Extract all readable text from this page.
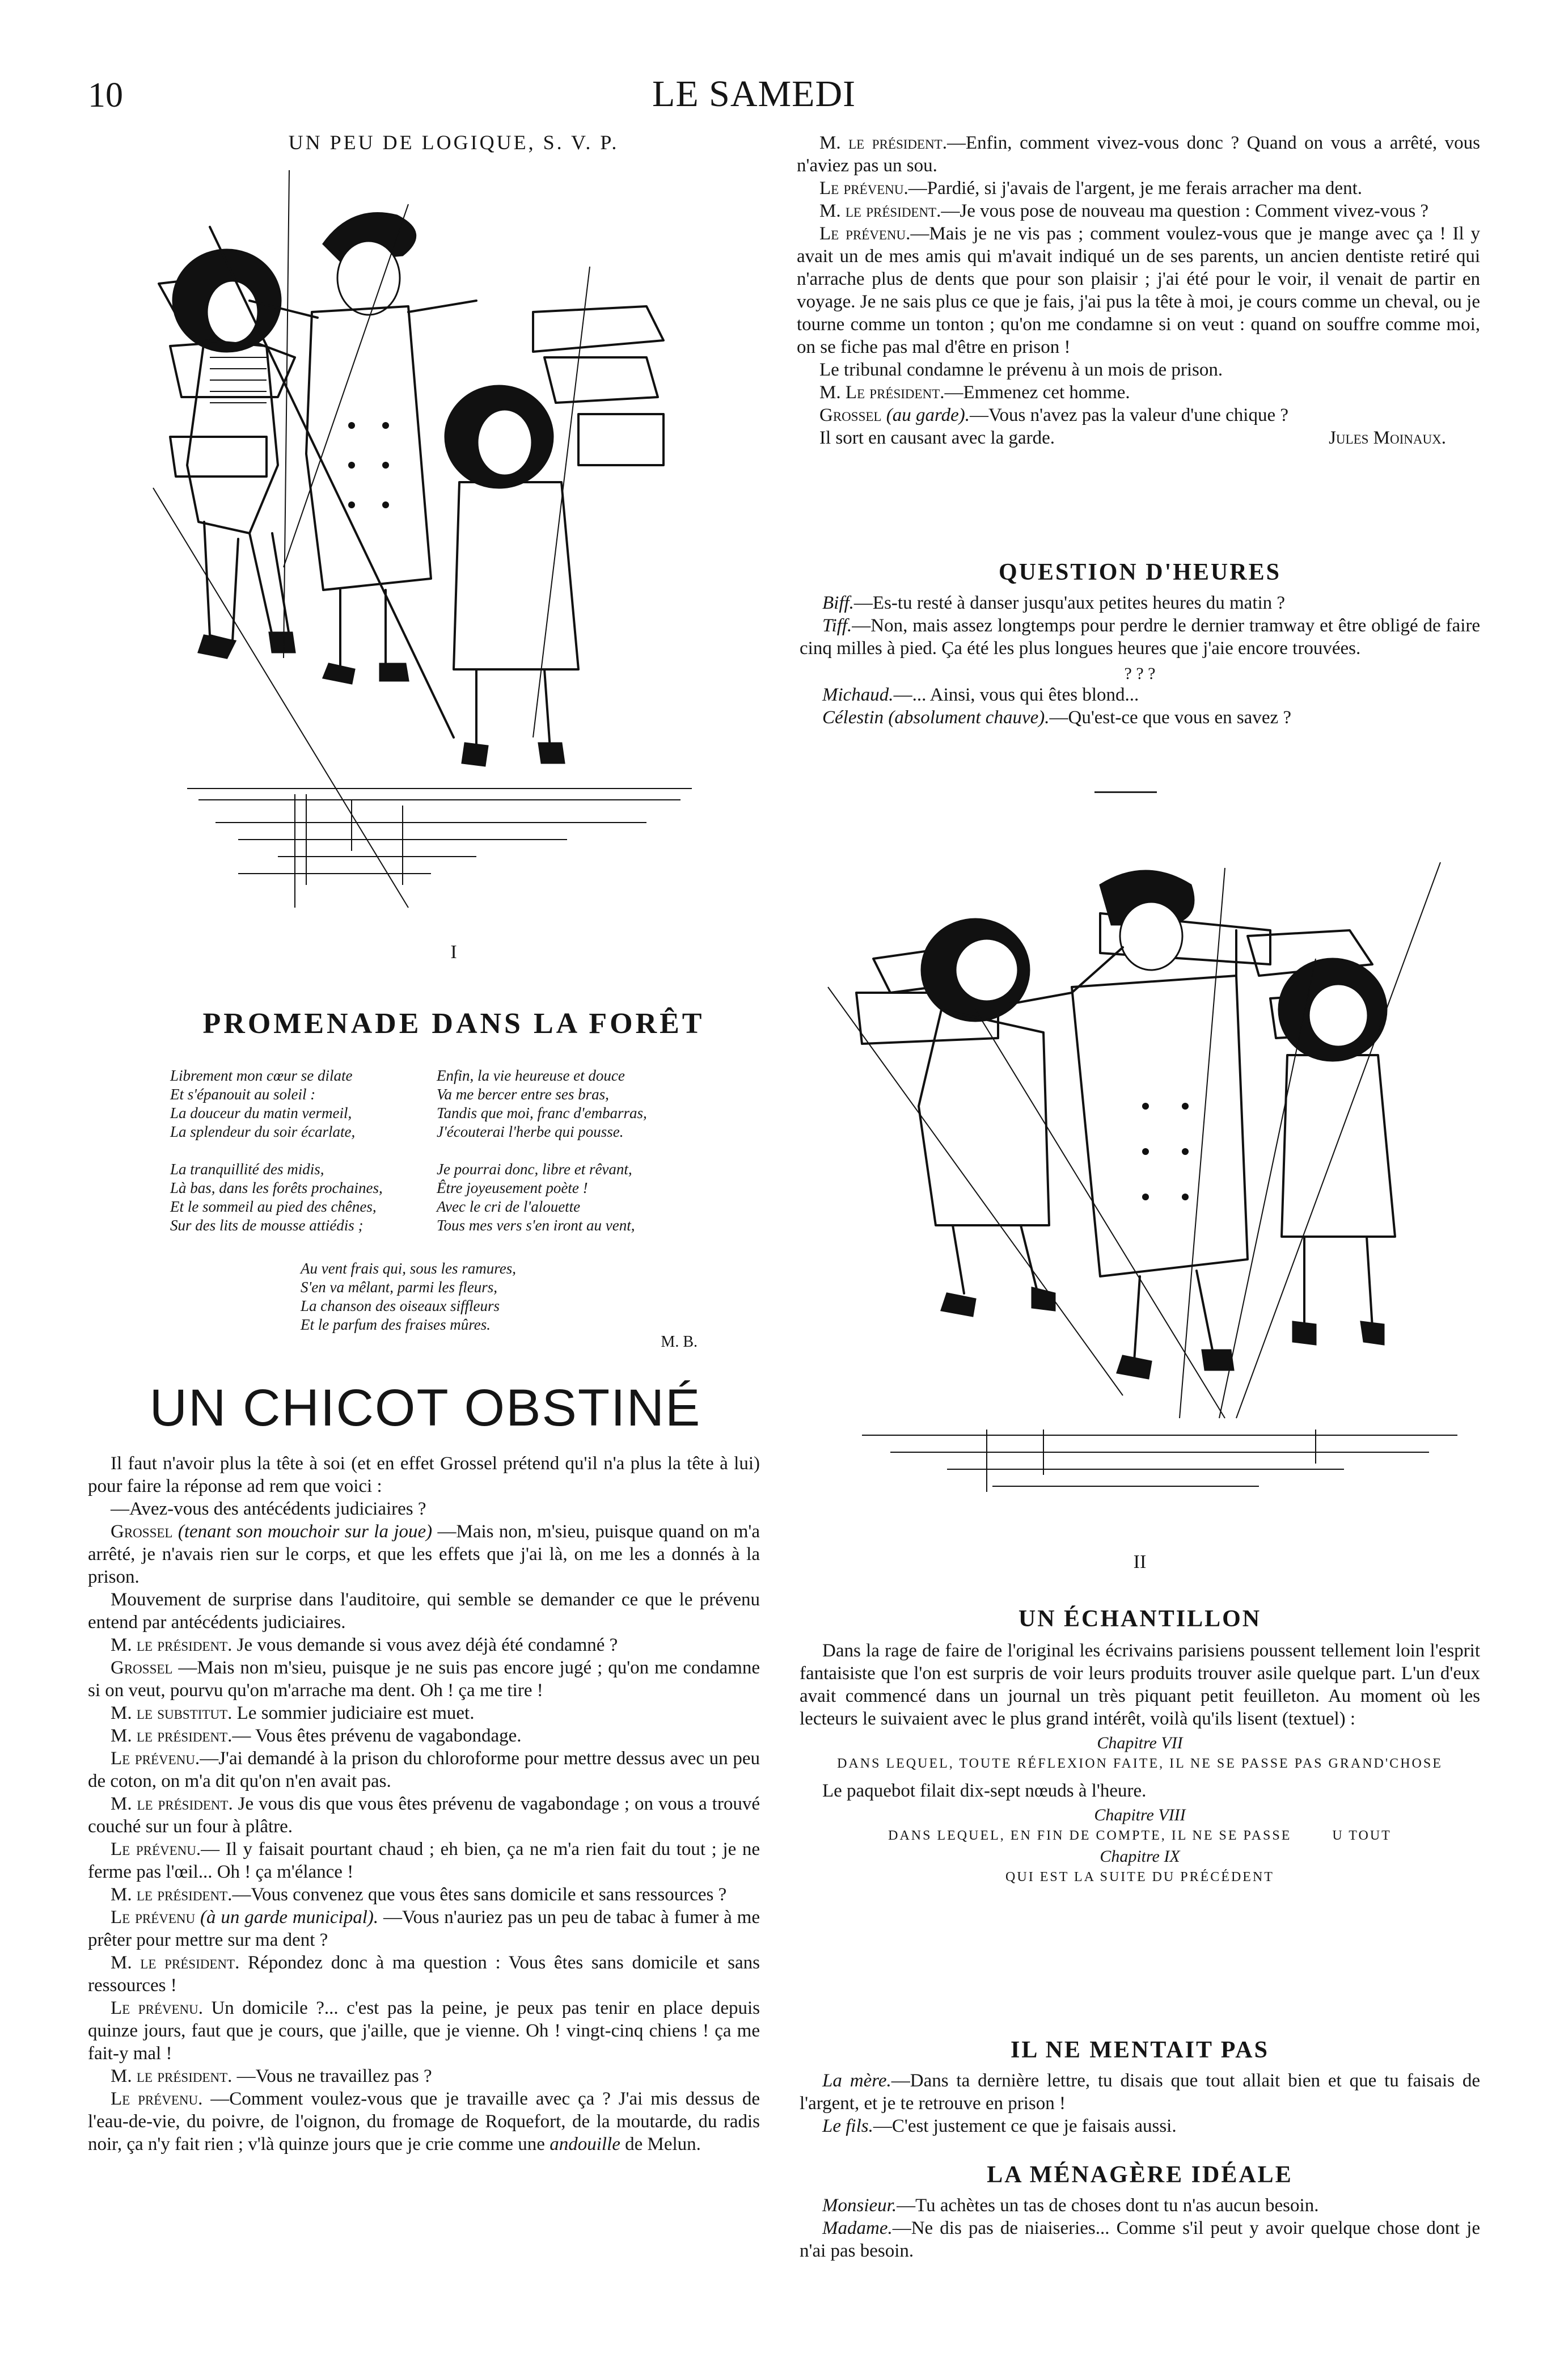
10	LE SAMEDI
UN PEU DE LOGIQUE, S. V. P.
I
PROMENADE DANS LA FORÊT
Librement mon cœur se dilate
Et s'épanouit au soleil :
La douceur du matin vermeil,
La splendeur du soir écarlate,
La tranquillité des midis,
Là bas, dans les forêts prochaines,
Et le sommeil au pied des chênes,
Sur des lits de mousse attiédis ;
Enfin, la vie heureuse et douce
Va me bercer entre ses bras,
Tandis que moi, franc d'embarras,
J'écouterai l'herbe qui pousse.
Je pourrai donc, libre et rêvant,
Être joyeusement poète !
Avec le cri de l'alouette
Tous mes vers s'en iront au vent,
Au vent frais qui, sous les ramures,
S'en va mêlant, parmi les fleurs,
La chanson des oiseaux siffleurs
Et le parfum des fraises mûres.
M. B.
UN CHICOT OBSTINÉ

Il faut n'avoir plus la tête à soi (et en effet Grossel prétend qu'il n'a plus la tête à lui) pour faire la réponse ad rem que voici :

—Avez-vous des antécédents judiciaires ?

Grossel (tenant son mouchoir sur la joue) —Mais non, m'sieu, puisque quand on m'a arrêté, je n'avais rien sur le corps, et que les effets que j'ai là, on me les a donnés à la prison.

Mouvement de surprise dans l'auditoire, qui semble se demander ce que le prévenu entend par antécédents judiciaires.

M. le président. Je vous demande si vous avez déjà été condamné ?

Grossel —Mais non m'sieu, puisque je ne suis pas encore jugé ; qu'on me condamne si on veut, pourvu qu'on m'arrache ma dent. Oh ! ça me tire !

M. le substitut. Le sommier judiciaire est muet.

M. le président.— Vous êtes prévenu de vagabondage.

Le prévenu.—J'ai demandé à la prison du chloroforme pour mettre dessus avec un peu de coton, on m'a dit qu'on n'en avait pas.

M. le président. Je vous dis que vous êtes prévenu de vagabondage ; on vous a trouvé couché sur un four à plâtre.

Le prévenu.— Il y faisait pourtant chaud ; eh bien, ça ne m'a rien fait du tout ; je ne ferme pas l'œil... Oh ! ça m'élance !

M. le président.—Vous convenez que vous êtes sans domicile et sans ressources ?

Le prévenu (à un garde municipal). —Vous n'auriez pas un peu de tabac à fumer à me prêter pour mettre sur ma dent ?

M. le président. Répondez donc à ma question : Vous êtes sans domicile et sans ressources !

Le prévenu. Un domicile ?... c'est pas la peine, je peux pas tenir en place depuis quinze jours, faut que je cours, que j'aille, que je vienne. Oh ! vingt-cinq chiens ! ça me fait-y mal !

M. le président. —Vous ne travaillez pas ?

Le prévenu. —Comment voulez-vous que je travaille avec ça ? J'ai mis dessus de l'eau-de-vie, du poivre, de l'oignon, du fromage de Roquefort, de la moutarde, du radis noir, ça n'y fait rien ; v'là quinze jours que je crie comme une andouille de Melun.

M. le président.—Enfin, comment vivez-vous donc ? Quand on vous a arrêté, vous n'aviez pas un sou.

Le prévenu.—Pardié, si j'avais de l'argent, je me ferais arracher ma dent.

M. le président.—Je vous pose de nouveau ma question : Comment vivez-vous ?

Le prévenu.—Mais je ne vis pas ; comment voulez-vous que je mange avec ça ! Il y avait un de mes amis qui m'avait indiqué un de ses parents, un ancien dentiste retiré qui n'arrache plus de dents que pour son plaisir ; j'ai été pour le voir, il venait de partir en voyage. Je ne sais plus ce que je fais, j'ai pus la tête à moi, je cours comme un cheval, ou je tourne comme un tonton ; qu'on me condamne si on veut : quand on souffre comme moi, on se fiche pas mal d'être en prison !

Le tribunal condamne le prévenu à un mois de prison.

M. Le président.—Emmenez cet homme.

Grossel (au garde).—Vous n'avez pas la valeur d'une chique ?

Il sort en causant avec la garde.	Jules Moinaux.

QUESTION D'HEURES

Biff.—Es-tu resté à danser jusqu'aux petites heures du matin ?

Tiff.—Non, mais assez longtemps pour perdre le dernier tramway et être obligé de faire cinq milles à pied. Ça été les plus longues heures que j'aie encore trouvées.

? ? ?

Michaud.—... Ainsi, vous qui êtes blond...

Célestin (absolument chauve).—Qu'est-ce que vous en savez ?

II
UN ÉCHANTILLON

Dans la rage de faire de l'original les écrivains parisiens poussent tellement loin l'esprit fantaisiste que l'on est surpris de voir leurs produits trouver asile quelque part. L'un d'eux avait commencé dans un journal un très piquant petit feuilleton. Au moment où les lecteurs le suivaient avec le plus grand intérêt, voilà qu'ils lisent (textuel) :

Chapitre VII
DANS LEQUEL, TOUTE RÉFLEXION FAITE, IL NE SE PASSE PAS GRAND'CHOSE

Le paquebot filait dix-sept nœuds à l'heure.

Chapitre VIII
DANS LEQUEL, EN FIN DE COMPTE, IL NE SE PASSE        U TOUT
Chapitre IX
QUI EST LA SUITE DU PRÉCÉDENT
IL NE MENTAIT PAS

La mère.—Dans ta dernière lettre, tu disais que tout allait bien et que tu faisais de l'argent, et je te retrouve en prison !

Le fils.—C'est justement ce que je faisais aussi.

LA MÉNAGÈRE IDÉALE

Monsieur.—Tu achètes un tas de choses dont tu n'as aucun besoin.

Madame.—Ne dis pas de niaiseries... Comme s'il peut y avoir quelque chose dont je n'ai pas besoin.
